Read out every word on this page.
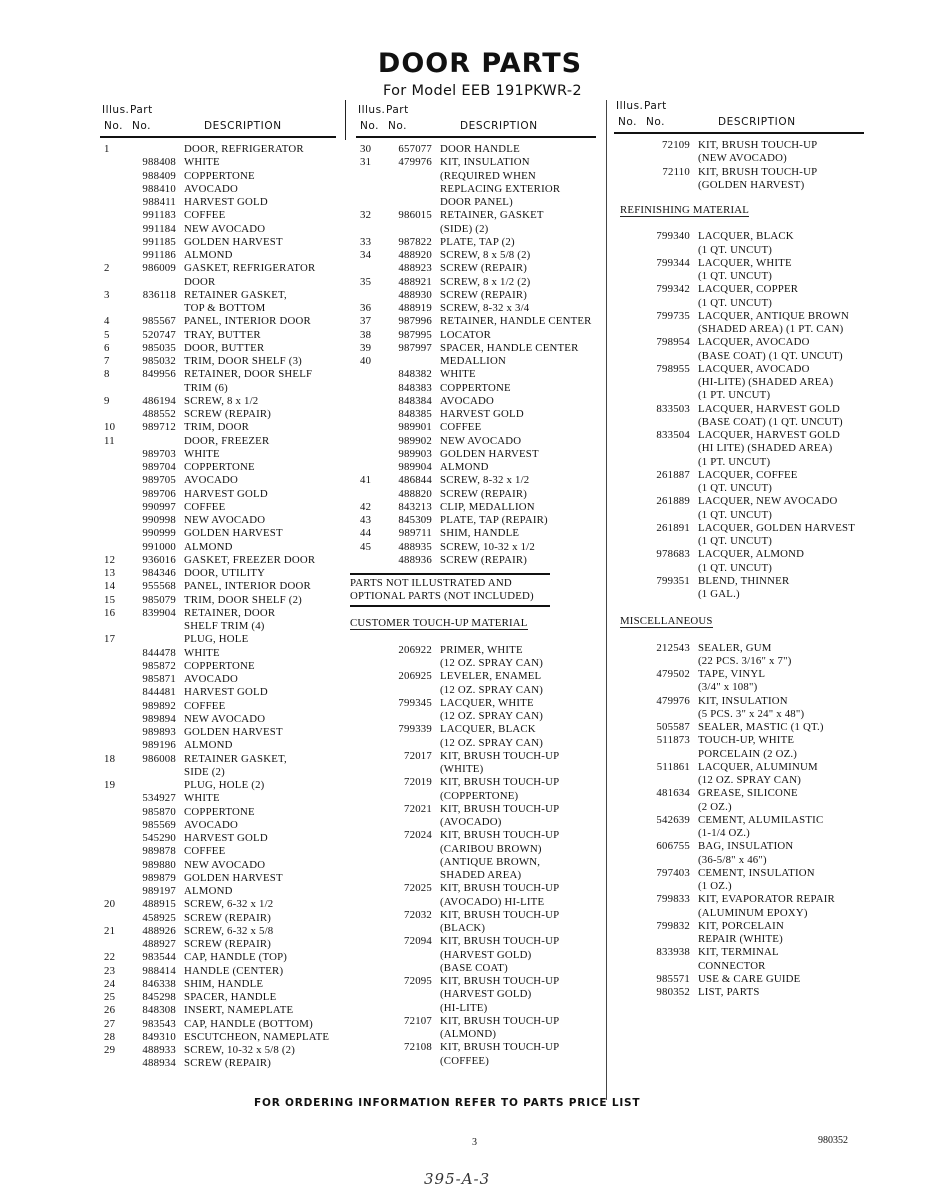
DOOR PARTS
For Model EEB 191PKWR-2
Illus.
No.
Part
No.	DESCRIPTION
1	DOOR, REFRIGERATOR
988408 WHITE
988409 COPPERTONE
988410 AVOCADO
988411 HARVEST GOLD
991183 COFFEE
991184 NEW AVOCADO
991185 GOLDEN HARVEST
991186 ALMOND
2	986009 GASKET, REFRIGERATOR
DOOR
3	836118 RETAINER GASKET,
TOP & BOTTOM
4	985567 PANEL, INTERIOR DOOR
5	520747 TRAY, BUTTER
6	985035 DOOR, BUTTER
7	985032 TRIM, DOOR SHELF (3)
8	849956 RETAINER, DOOR SHELF
TRIM (6)
9	486194 SCREW, 8 x 1/2
488552 SCREW (REPAIR)
10	989712 TRIM, DOOR
11	DOOR, FREEZER
989703 WHITE
989704 COPPERTONE
989705 AVOCADO
989706 HARVEST GOLD
990997 COFFEE
990998 NEW AVOCADO
990999 GOLDEN HARVEST
991000 ALMOND
12	936016 GASKET, FREEZER DOOR
13	984346 DOOR, UTILITY
14	955568 PANEL, INTERIOR DOOR
15	985079 TRIM, DOOR SHELF (2)
16	839904 RETAINER, DOOR
SHELF TRIM (4)
17	PLUG, HOLE
844478 WHITE
985872 COPPERTONE
985871 AVOCADO
844481 HARVEST GOLD
989892 COFFEE
989894 NEW AVOCADO
989893 GOLDEN HARVEST
989196 ALMOND
18	986008 RETAINER GASKET,
SIDE (2)
19	PLUG, HOLE (2)
534927 WHITE
985870 COPPERTONE
985569 AVOCADO
545290 HARVEST GOLD
989878 COFFEE
989880 NEW AVOCADO
989879 GOLDEN HARVEST
989197 ALMOND
20	488915 SCREW, 6-32 x 1/2
458925 SCREW (REPAIR)
21	488926 SCREW, 6-32 x 5/8
488927 SCREW (REPAIR)
22	983544 CAP, HANDLE (TOP)
23	988414 HANDLE (CENTER)
24	846338 SHIM, HANDLE
25	845298 SPACER, HANDLE
26	848308 INSERT, NAMEPLATE
27	983543 CAP, HANDLE (BOTTOM)
28	849310 ESCUTCHEON, NAMEPLATE
29	488933 SCREW, 10-32 x 5/8 (2)
488934 SCREW (REPAIR)
Illus.
No.
Part
No.	DESCRIPTION
30	657077 DOOR HANDLE
31	479976 KIT, INSULATION
(REQUIRED WHEN
REPLACING EXTERIOR
DOOR PANEL)
32	986015 RETAINER, GASKET
(SIDE) (2)
33	987822 PLATE, TAP (2)
34	488920 SCREW, 8 x 5/8 (2)
488923 SCREW (REPAIR)
35	488921 SCREW, 8 x 1/2 (2)
488930 SCREW (REPAIR)
36	488919 SCREW, 8-32 x 3/4
37	987996 RETAINER, HANDLE CENTER
38	987995 LOCATOR
39	987997 SPACER, HANDLE CENTER
40	MEDALLION
848382 WHITE
848383 COPPERTONE
848384 AVOCADO
848385 HARVEST GOLD
989901 COFFEE
989902 NEW AVOCADO
989903 GOLDEN HARVEST
989904 ALMOND
41	486844 SCREW, 8-32 x 1/2
488820 SCREW (REPAIR)
42	843213 CLIP, MEDALLION
43	845309 PLATE, TAP (REPAIR)
44	989711 SHIM, HANDLE
45	488935 SCREW, 10-32 x 1/2
488936 SCREW (REPAIR)
PARTS NOT ILLUSTRATED AND
OPTIONAL PARTS (NOT INCLUDED)
CUSTOMER TOUCH-UP MATERIAL
206922 PRIMER, WHITE
(12 OZ. SPRAY CAN)
206925 LEVELER, ENAMEL
(12 OZ. SPRAY CAN)
799345 LACQUER, WHITE
(12 OZ. SPRAY CAN)
799339 LACQUER, BLACK
(12 OZ. SPRAY CAN)
72017 KIT, BRUSH TOUCH-UP
(WHITE)
72019 KIT, BRUSH TOUCH-UP
(COPPERTONE)
72021 KIT, BRUSH TOUCH-UP
(AVOCADO)
72024 KIT, BRUSH TOUCH-UP
(CARIBOU BROWN)
(ANTIQUE BROWN,
SHADED AREA)
72025 KIT, BRUSH TOUCH-UP
(AVOCADO) HI-LITE
72032 KIT, BRUSH TOUCH-UP
(BLACK)
72094 KIT, BRUSH TOUCH-UP
(HARVEST GOLD)
(BASE COAT)
72095 KIT, BRUSH TOUCH-UP
(HARVEST GOLD)
(HI-LITE)
72107 KIT, BRUSH TOUCH-UP
(ALMOND)
72108 KIT, BRUSH TOUCH-UP
(COFFEE)
Illus.
No.
Part
No.	DESCRIPTION
72109 KIT, BRUSH TOUCH-UP
(NEW AVOCADO)
72110 KIT, BRUSH TOUCH-UP
(GOLDEN HARVEST)
REFINISHING MATERIAL
799340 LACQUER, BLACK
(1 QT. UNCUT)
799344 LACQUER, WHITE
(1 QT. UNCUT)
799342 LACQUER, COPPER
(1 QT. UNCUT)
799735 LACQUER, ANTIQUE BROWN
(SHADED AREA) (1 PT. CAN)
798954 LACQUER, AVOCADO
(BASE COAT) (1 QT. UNCUT)
798955 LACQUER, AVOCADO
(HI-LITE) (SHADED AREA)
(1 PT. UNCUT)
833503 LACQUER, HARVEST GOLD
(BASE COAT) (1 QT. UNCUT)
833504 LACQUER, HARVEST GOLD
(HI LITE) (SHADED AREA)
(1 PT. UNCUT)
261887 LACQUER, COFFEE
(1 QT. UNCUT)
261889 LACQUER, NEW AVOCADO
(1 QT. UNCUT)
261891 LACQUER, GOLDEN HARVEST
(1 QT. UNCUT)
978683 LACQUER, ALMOND
(1 QT. UNCUT)
799351 BLEND, THINNER
(1 GAL.)
MISCELLANEOUS
212543 SEALER, GUM
(22 PCS. 3/16" x 7")
479502 TAPE, VINYL
(3/4" x 108")
479976 KIT, INSULATION
(5 PCS. 3" x 24" x 48")
505587 SEALER, MASTIC (1 QT.)
511873 TOUCH-UP, WHITE
PORCELAIN (2 OZ.)
511861 LACQUER, ALUMINUM
(12 OZ. SPRAY CAN)
481634 GREASE, SILICONE
(2 OZ.)
542639 CEMENT, ALUMILASTIC
(1-1/4 OZ.)
606755 BAG, INSULATION
(36-5/8" x 46")
797403 CEMENT, INSULATION
(1 OZ.)
799833 KIT, EVAPORATOR REPAIR
(ALUMINUM EPOXY)
799832 KIT, PORCELAIN
REPAIR (WHITE)
833938 KIT, TERMINAL
CONNECTOR
985571 USE & CARE GUIDE
980352 LIST, PARTS
FOR ORDERING INFORMATION REFER TO PARTS PRICE LIST
3	980352
395-A-3
